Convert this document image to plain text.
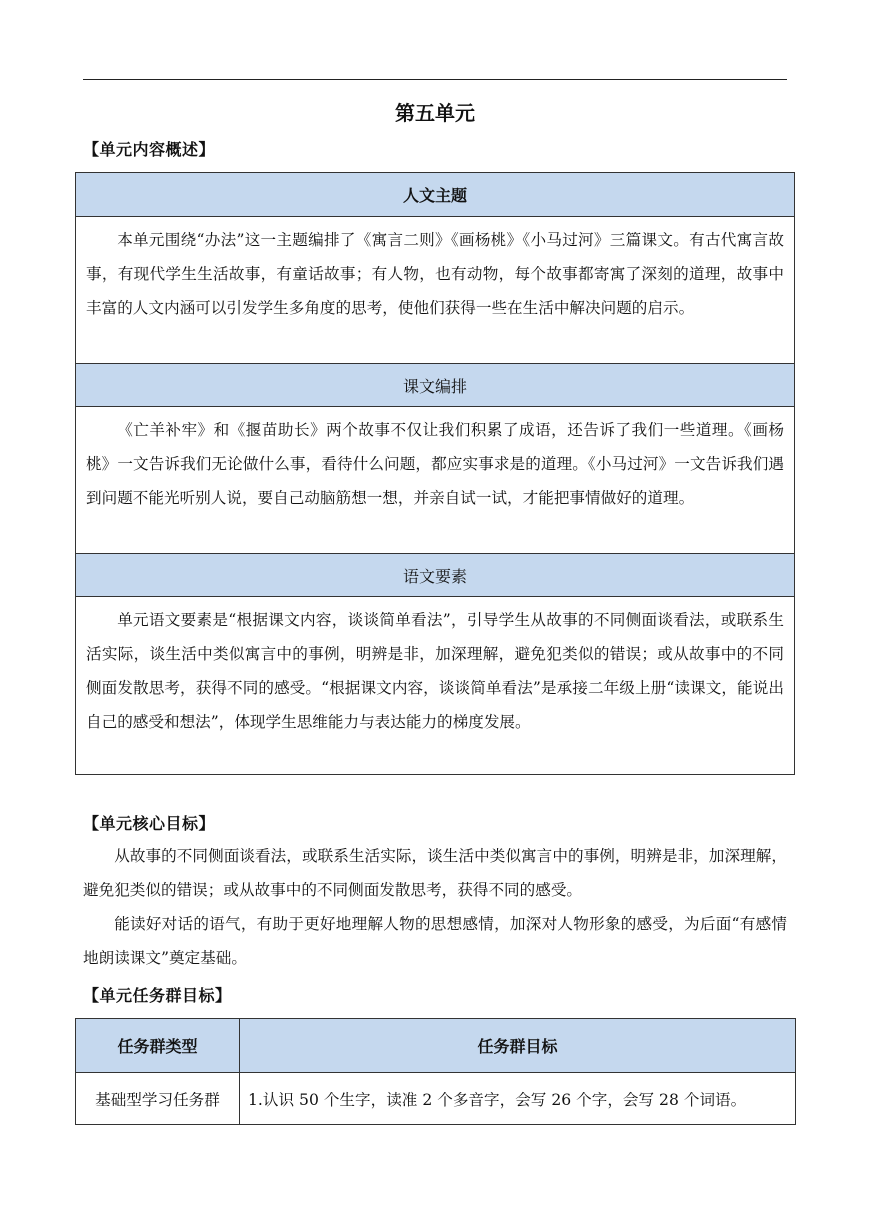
第五单元
【单元内容概述】
人文主题
本单元围绕“办法”这一主题编排了《寓言二则》《画杨桃》《小马过河》三篇课文。有古代寓言故事，有现代学生生活故事，有童话故事；有人物，也有动物，每个故事都寄寓了深刻的道理，故事中丰富的人文内涵可以引发学生多角度的思考，使他们获得一些在生活中解决问题的启示。
课文编排
《亡羊补牢》和《揠苗助长》两个故事不仅让我们积累了成语，还告诉了我们一些道理。《画杨桃》一文告诉我们无论做什么事，看待什么问题，都应实事求是的道理。《小马过河》一文告诉我们遇到问题不能光听别人说，要自己动脑筋想一想，并亲自试一试，才能把事情做好的道理。
语文要素
单元语文要素是“根据课文内容，谈谈简单看法”，引导学生从故事的不同侧面谈看法，或联系生活实际，谈生活中类似寓言中的事例，明辨是非，加深理解，避免犯类似的错误；或从故事中的不同侧面发散思考，获得不同的感受。“根据课文内容，谈谈简单看法”是承接二年级上册“读课文，能说出自己的感受和想法”，体现学生思维能力与表达能力的梯度发展。
【单元核心目标】
从故事的不同侧面谈看法，或联系生活实际，谈生活中类似寓言中的事例，明辨是非，加深理解，避免犯类似的错误；或从故事中的不同侧面发散思考，获得不同的感受。
能读好对话的语气，有助于更好地理解人物的思想感情，加深对人物形象的感受，为后面“有感情地朗读课文”奠定基础。
【单元任务群目标】
任务群类型	任务群目标
基础型学习任务群	1.认识 50 个生字，读准 2 个多音字，会写 26 个字，会写 28 个词语。
